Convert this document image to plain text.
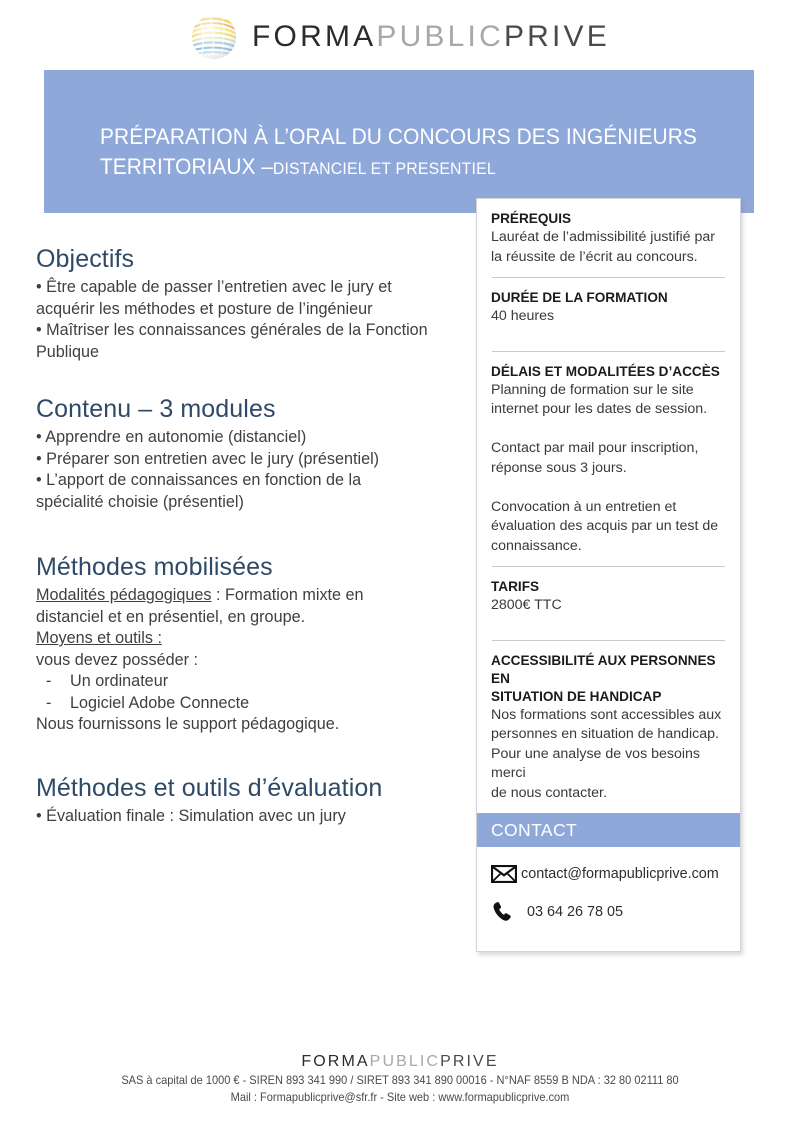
FORMAPUBLICPRIVE
PRÉPARATION À L’ORAL DU CONCOURS DES INGÉNIEURS
TERRITORIAUX –DISTANCIEL ET PRESENTIEL
Objectifs

• Être capable de passer l’entretien avec le jury et

acquérir les méthodes et posture de l’ingénieur

• Maîtriser les connaissances générales de la Fonction

Publique

Contenu – 3 modules

• Apprendre en autonomie (distanciel)

• Préparer son entretien avec le jury (présentiel)

• L’apport de connaissances en fonction de la

spécialité choisie (présentiel)

Méthodes mobilisées

Modalités pédagogiques : Formation mixte en

distanciel et en présentiel, en groupe.

Moyens et outils :

vous devez posséder :

- Un ordinateur

- Logiciel Adobe Connecte

Nous fournissons le support pédagogique.

Méthodes et outils d’évaluation

• Évaluation finale : Simulation avec un jury

PRÉREQUIS

Lauréat de l’admissibilité justifié par

la réussite de l’écrit au concours.

DURÉE DE LA FORMATION

40 heures

DÉLAIS ET MODALITÉES D’ACCÈS

Planning de formation sur le site

internet pour les dates de session.

Contact par mail pour inscription,

réponse sous 3 jours.

Convocation à un entretien et

évaluation des acquis par un test de

connaissance.

TARIFS

2800€ TTC

ACCESSIBILITÉ AUX PERSONNES EN

SITUATION DE HANDICAP

Nos formations sont accessibles aux

personnes en situation de handicap.

Pour une analyse de vos besoins merci

de nous contacter.

CONTACT
contact@formapublicprive.com
03 64 26 78 05
FORMAPUBLICPRIVE
SAS à capital de 1000 € - SIREN 893 341 990 / SIRET 893 341 890 00016 - N°NAF 8559 B NDA : 32 80 02111 80
Mail : Formapublicprive@sfr.fr - Site web : www.formapublicprive.com
